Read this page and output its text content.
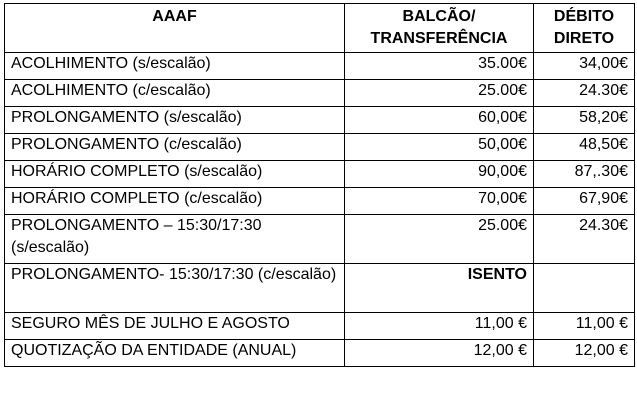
AAAF	BALCÃO/ TRANSFERÊNCIA	DÉBITO DIRETO
ACOLHIMENTO (s/escalão)	35.00€	34,00€
ACOLHIMENTO (c/escalão)	25.00€	24.30€
PROLONGAMENTO (s/escalão)	60,00€	58,20€
PROLONGAMENTO (c/escalão)	50,00€	48,50€
HORÁRIO COMPLETO (s/escalão)	90,00€	87,.30€
HORÁRIO COMPLETO (c/escalão)	70,00€	67,90€
PROLONGAMENTO – 15:30/17:30 (s/escalão)	25.00€	24.30€
PROLONGAMENTO- 15:30/17:30 (c/escalão)	ISENTO	
SEGURO MÊS DE JULHO E AGOSTO	11,00 €	11,00 €
QUOTIZAÇÃO DA ENTIDADE (ANUAL)	12,00 €	12,00 €
